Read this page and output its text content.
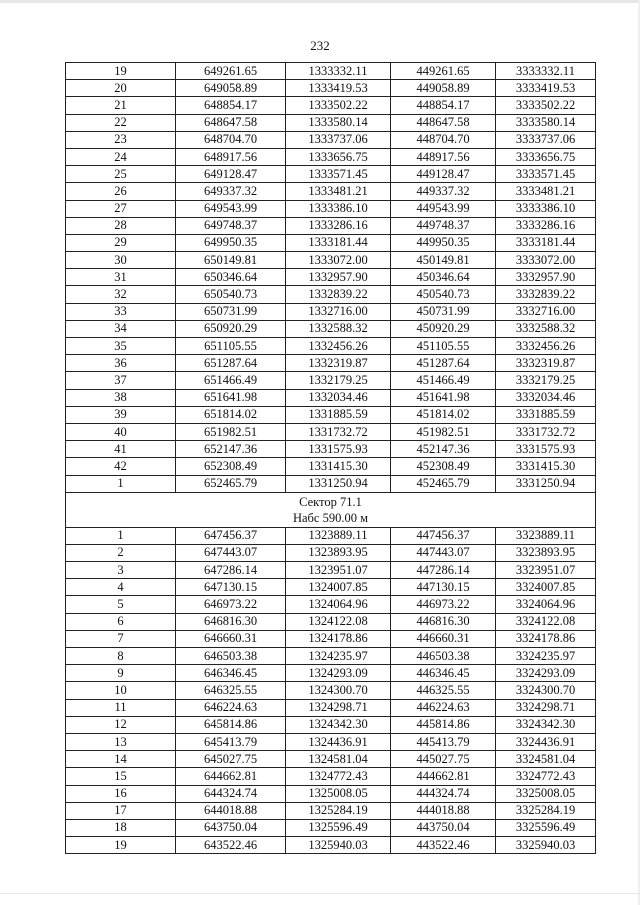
232
19	649261.65	1333332.11	449261.65	3333332.11
20	649058.89	1333419.53	449058.89	3333419.53
21	648854.17	1333502.22	448854.17	3333502.22
22	648647.58	1333580.14	448647.58	3333580.14
23	648704.70	1333737.06	448704.70	3333737.06
24	648917.56	1333656.75	448917.56	3333656.75
25	649128.47	1333571.45	449128.47	3333571.45
26	649337.32	1333481.21	449337.32	3333481.21
27	649543.99	1333386.10	449543.99	3333386.10
28	649748.37	1333286.16	449748.37	3333286.16
29	649950.35	1333181.44	449950.35	3333181.44
30	650149.81	1333072.00	450149.81	3333072.00
31	650346.64	1332957.90	450346.64	3332957.90
32	650540.73	1332839.22	450540.73	3332839.22
33	650731.99	1332716.00	450731.99	3332716.00
34	650920.29	1332588.32	450920.29	3332588.32
35	651105.55	1332456.26	451105.55	3332456.26
36	651287.64	1332319.87	451287.64	3332319.87
37	651466.49	1332179.25	451466.49	3332179.25
38	651641.98	1332034.46	451641.98	3332034.46
39	651814.02	1331885.59	451814.02	3331885.59
40	651982.51	1331732.72	451982.51	3331732.72
41	652147.36	1331575.93	452147.36	3331575.93
42	652308.49	1331415.30	452308.49	3331415.30
1	652465.79	1331250.94	452465.79	3331250.94

Сектор 71.1
Набс 590.00 м				

1	647456.37	1323889.11	447456.37	3323889.11
2	647443.07	1323893.95	447443.07	3323893.95
3	647286.14	1323951.07	447286.14	3323951.07
4	647130.15	1324007.85	447130.15	3324007.85
5	646973.22	1324064.96	446973.22	3324064.96
6	646816.30	1324122.08	446816.30	3324122.08
7	646660.31	1324178.86	446660.31	3324178.86
8	646503.38	1324235.97	446503.38	3324235.97
9	646346.45	1324293.09	446346.45	3324293.09
10	646325.55	1324300.70	446325.55	3324300.70
11	646224.63	1324298.71	446224.63	3324298.71
12	645814.86	1324342.30	445814.86	3324342.30
13	645413.79	1324436.91	445413.79	3324436.91
14	645027.75	1324581.04	445027.75	3324581.04
15	644662.81	1324772.43	444662.81	3324772.43
16	644324.74	1325008.05	444324.74	3325008.05
17	644018.88	1325284.19	444018.88	3325284.19
18	643750.04	1325596.49	443750.04	3325596.49
19	643522.46	1325940.03	443522.46	3325940.03
